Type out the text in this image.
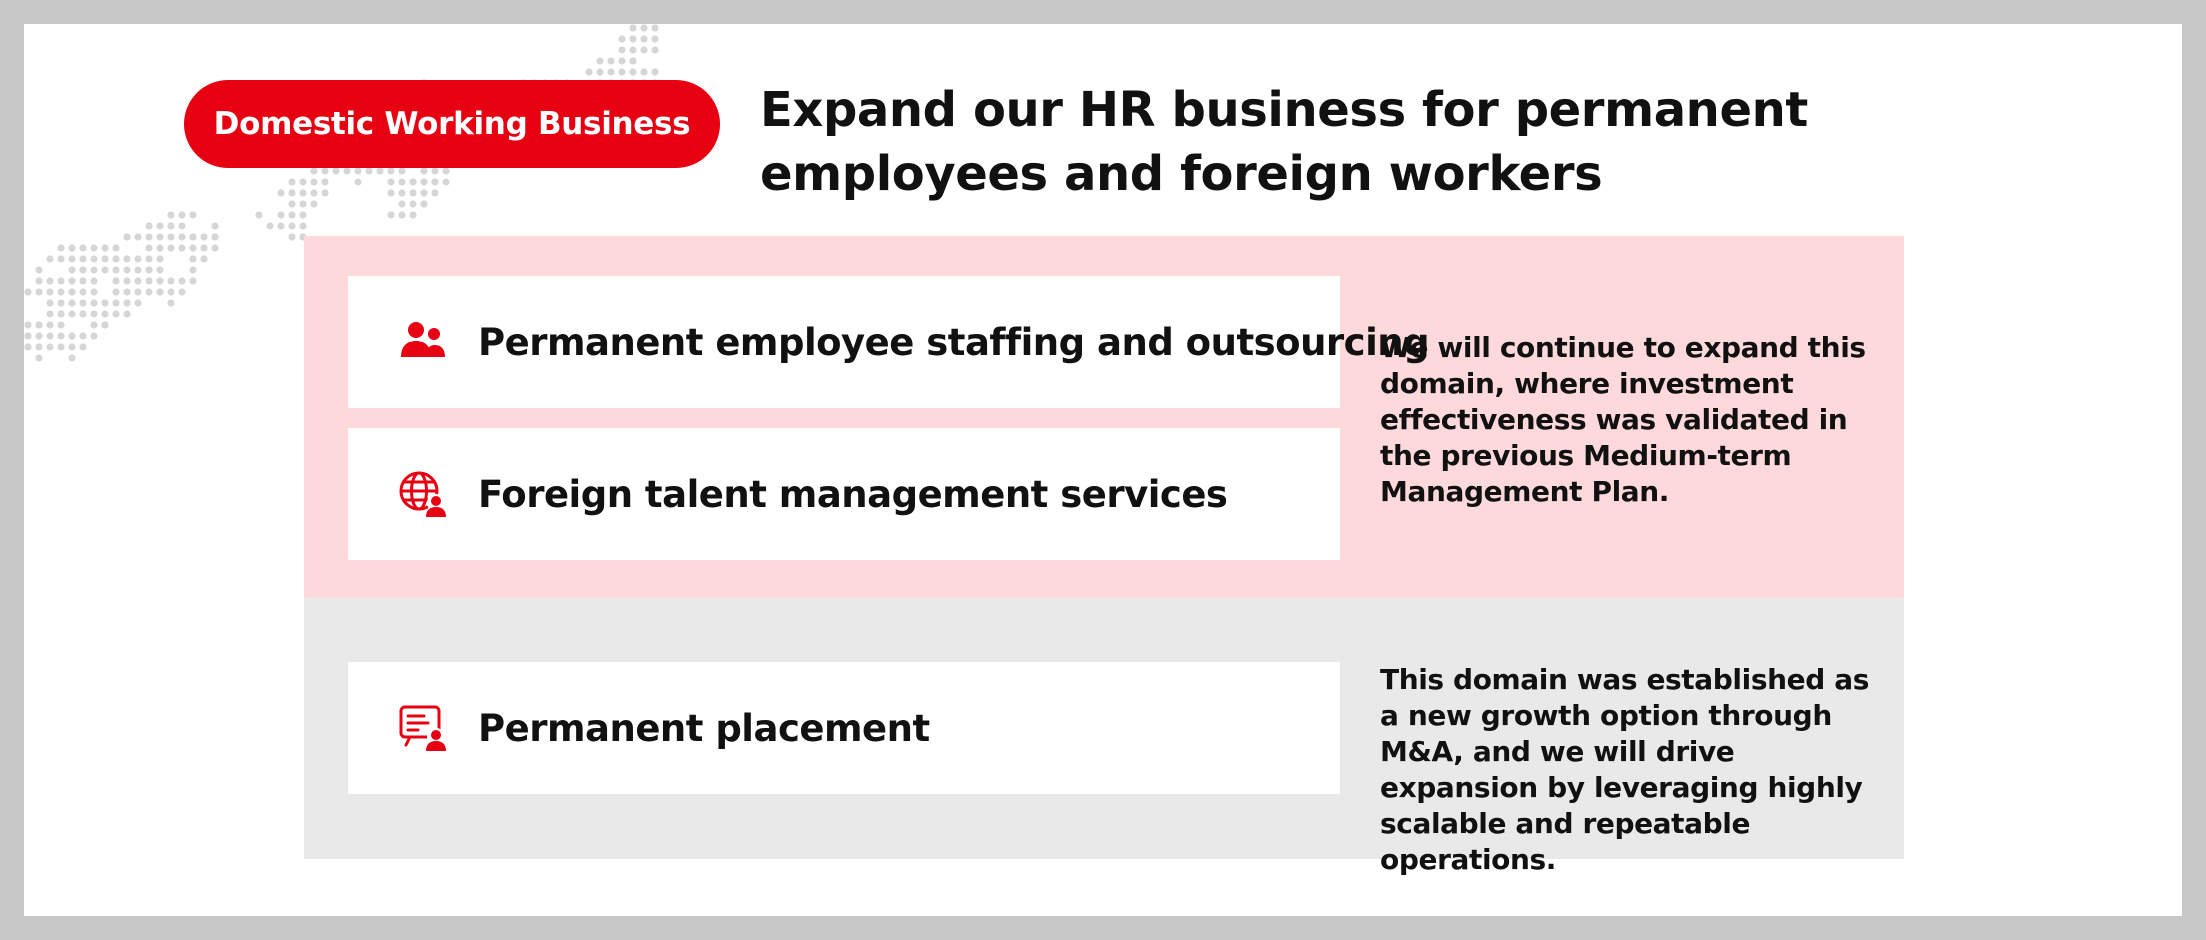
Domestic Working Business Expand our HR business for permanent employees and foreign workers
Permanent employee staffing and outsourcing
Foreign talent management services

We will continue to expand this domain, where investment effectiveness was validated in the previous Medium-term Management Plan.

Permanent placement

This domain was established as a new growth option through M&A, and we will drive expansion by leveraging highly scalable and repeatable operations.
